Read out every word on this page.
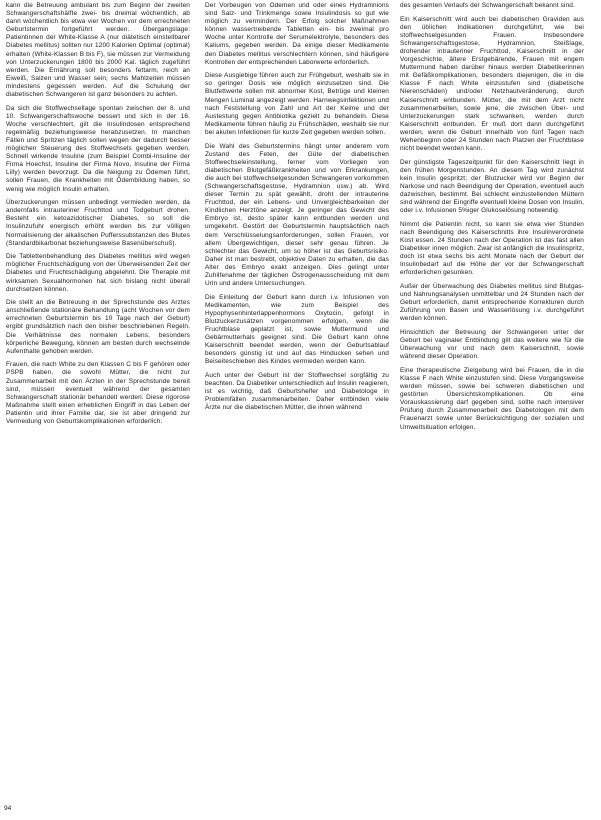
kann die Betreuung ambulant bis zum Beginn der zweiten Schwangerschaftshälfte zwei- bis dreimal wöchentlich, ab dann wöchentlich bis etwa vier Wochen vor dem errechneten Geburtstermin fortgeführt werden. Übergangslage: Patientinnen der White-Klasse A (nur diätetisch einstellbarer Diabetes mellitus) sollten nur 1200 Kalorien Optimal (optimal) erhalten (White-Klassen B bis F), sie müssen zur Vermeidung von Unterzuckerungen 1800 bis 2000 Kal. täglich zugeführt werden. Die Ernährung soll besonders fettarm, reich an Eiweiß, Salzen und Wasser sein; sechs Mahlzeiten müssen mindestens gegessen werden. Auf die Schulung der diabetischen Schwangeren ist ganz besonders zu achten.

Da sich die Stoffwechsellage spontan zwischen der 8. und 10. Schwangerschaftswoche bessert und sich in der 16. Woche verschlechtert, gilt die Insulindosen entsprechend regelmäßig beziehungsweise herabzusetzen. In manchen Fällen und Spritzen täglich sollen wegen der dadurch besser möglichen Steuerung des Stoffwechsels gegeben werden. Schnell wirkende Insuline (zum Beispiel Combi-Insuline der Firma Hoechst, Insuline der Firma Novo, Insuline der Firma Lilly) werden bevorzugt. Da die Neigung zu Ödemen führt, sollen Frauen, die Krankheiten mit Ödembildung haben, so wenig wie möglich Insulin erhalten.

Überzuckerungen müssen unbedingt vermieden werden, da andernfalls intrauteriner Fruchttod und Todgeburt drohen. Besteht ein ketoazidotischer Diabetes, so soll die Insulinzufuhr energisch erhöht werden bis zur völligen Normalisierung der alkalischen Pufferssubstanzen des Blutes (Standardbikarbonat beziehungsweise Basenüberschuß).

Die Tablettenbehandlung des Diabetes mellitus wird wegen möglicher Fruchtschädigung von der Überweisenden Zeit der Diabetes und Fruchtschädigung abgelehnt. Die Therapie mit wirksamen Sexualhormonen hat sich bislang nicht überall durchsetzen können.

Die stellt an die Betreuung in der Sprechstunde des Arztes anschließende stationäre Behandlung (acht Wochen vor dem errechneten Geburtstermin bis 10 Tage nach der Geburt) ergibt grundsätzlich nach den bisher beschriebenen Regeln. Die Verhältnisse des normalen Lebens, besonders körperliche Bewegung, können am besten durch wechselnde Aufenthalte gehoben werden.

Frauen, die nach White zu den Klassen C bis F gehören oder PSPB haben, die sowohl Mütter, die nicht zur Zusammenarbeit mit den Ärzten in der Sprechstunde bereit sind, müssen eventuell während der gesamten Schwangerschaft stationär behandelt werden. Diese rigorose Maßnahme stellt einen erheblichen Eingriff in das Leben der Patientin und ihrer Familie dar, sie ist aber dringend zur Vermeidung von Geburtskomplikationen erforderlich.

Der Vorbeugen von Ödemen und oder eines Hydramnions sind Salz- und Trinkmenge sowie Insulindosis so gut wie möglich zu vermindern. Der Erfolg solcher Maßnahmen können wassertreibende Tabletten ein- bis zweimal pro Woche unter Kontrolle der Serumelektrolyte, besonders des Kaliums, gegeben werden. Da einige dieser Medikamente den Diabetes mellitus verschlechtern können, sind häufigere Kontrollen der entsprechenden Laborwerte erforderlich.

Diese Ausgiebige führen auch zur Frühgeburt, weshalb sie in so geringer Dosis wie möglich einzusetzen sind. Die Blutfettwerte sollen mit abnormer Kost, Betrüge und kleinen Mengen Luminal angezeigt werden. Harnwegsinfektionen und nach Feststellung von Zahl und Art der Keime und der Austestung gegen Antibiotika gezielt zu behandeln. Diese Medikamente führen häufig zu Frühschäden, weshalb sie nur bei akuten Infektionen für kurze Zeit gegeben werden sollen.

Die Wahl des Geburtstermins hängt unter anderem vom Zustand des Feten, der Güte der diabetischen Stoffwechseleinstellung, ferner vom Vorliegen von diabetischen Blutgefäßkrankheiten und von Erkrankungen, die auch bei stoffwechselgesunden Schwangeren vorkommen (Schwangerschaftsgestose, Hydramnion usw.) ab. Wird dieser Termin zu spät gewählt, droht der intrauterine Fruchttod, der ein Lebens- und Unvergleichbarkeiten der Kindlichen Herztöne anzeigt. Je geringer das Gewicht des Embryo ist, desto später kann entbunden werden und umgekehrt. Gestört der Geburtstermin hauptsächlich nach dem Verschlüsselungsanforderungen, sollen Frauen, vor allem Übergewichtigen, dieser sehr genau führen. Je schlechter das Gewicht, um so höher ist das Geburtsrisiko. Daher ist man bestrebt, objektive Daten zu erhalten, die das Alter des Embryo exakt anzeigen. Dies gelingt unter Zuhilfenahme der täglichen Östrogenausscheidung mit dem Urin und andere Untersuchungen.

Die Einleitung der Geburt kann durch i.v. Infusionen von Medikamenten, wie zum Beispiel des Hypophysenhinterlappenhormons Oxytocin, gefolgt in Blutzuckerzusätzen vorgenommen erfolgen, wenn die Fruchtblase geplatzt ist, sowie Muttermund und Gebärmutterhals geeignet sind. Die Geburt kann ohne Kaiserschnitt beendet werden, wenn der Geburtsablauf besonders günstig ist und auf das Hinducken sehen und Beiseiteschieben des Kindes vermieden werden kann.

Auch unter der Geburt ist der Stoffwechsel sorgfältig zu beachten. Da Diabetiker unterschiedlich auf Insulin reagieren, ist es wichtig, daß Geburtshelfer und Diabetologe in Problemfällen zusammenarbeiten. Daher entbinden viele Ärzte nur die diabetischen Mütter, die ihnen während

des gesamten Verlaufs der Schwangerschaft bekannt sind.

Ein Kaiserschnitt wird auch bei diabetischen Graviden aus den üblichen Indikationen durchgeführt, wie bei stoffwechselgesunden Frauen. Insbesondere Schwangerschaftsgestose, Hydramnion, Steißlage, drohender intrauteriner Fruchttod, Kaiserschnitt in der Vorgeschichte, ältere Erstgebärende, Frauen mit engem Muttermund haben darüber hinaus werden Diabetikerinnen mit Gefäßkomplikationen, besonders diejenigen, die in die Klasse F nach White einzustufen sind (diabetische Nierenschäden) und/oder Netzhautveränderung, durch Kaiserschnitt entbunden. Mütter, die mit dem Arzt nicht zusammenarbeiten, sowie jene, die zwischen Über- und Unterzuckerungen stark schwanken, werden durch Kaiserschnitt entbunden. Er muß dort dann durchgeführt werden, wenn die Geburt innerhalb von fünf Tagen nach Wehenbeginn oder 24 Stunden nach Platzen der Fruchtblase nicht beendet werden kann.

Der günstigste Tageszeitpunkt für den Kaiserschnitt liegt in den frühen Morgenstunden. An diesem Tag wird zunächst kein Insulin gespritzt; der Blutzucker wird vor Beginn der Narkose und nach Beendigung der Operation, eventuell auch dazwischen, bestimmt. Bei schlecht einzustellenden Müttern sind während der Eingriffe eventuell kleine Dosen von Insulin, oder i.v. Infusionen 5%iger Glukoselösung notwendig.

Nimmt die Patientin nicht, so kann sie etwa vier Stunden nach Beendigung des Kaiserschnitts ihre Insulinverordnete Kost essen. 24 Stunden nach der Operation ist das fast allen Diabetiker innen möglich. Zwar ist anfänglich die Insulinspritz, doch ist etwa sechs bis acht Monate nach der Geburt der Insulinbedarf auf die Höhe der vor der Schwangerschaft erforderlichen gesunken.

Außer der Überwachung des Diabetes mellitus sind Blutgas- und Nahrungsanalysen unmittelbar und 24 Stunden nach der Geburt erforderlich, damit entsprechende Korrekturen durch Zuführung von Basen und Wasserlösung i.v. durchgeführt werden können.

Hinsichtlich der Betreuung der Schwangeren unter der Geburt bei vaginaler Entbindung gilt das weitere wie für die Überwachung vor und nach dem Kaiserschnitt, sowie während dieser Operation.

Eine therapeutische Zielgebung wird bei Frauen, die in die Klasse F nach White einzustufen sind. Diese Vorgangsweise werden müssen, sowie bei schweren diabetischen und gestörten Übersichtskomplikationen. Ob eine Vorauskassierung darf gegeben sind, sollte nach intensiver Prüfung durch Zusammenarbeit des Diabetologen mit dem Frauenarzt sowie unter Berücksichtigung der sozialen und Umweltsituation erfolgen.

94
